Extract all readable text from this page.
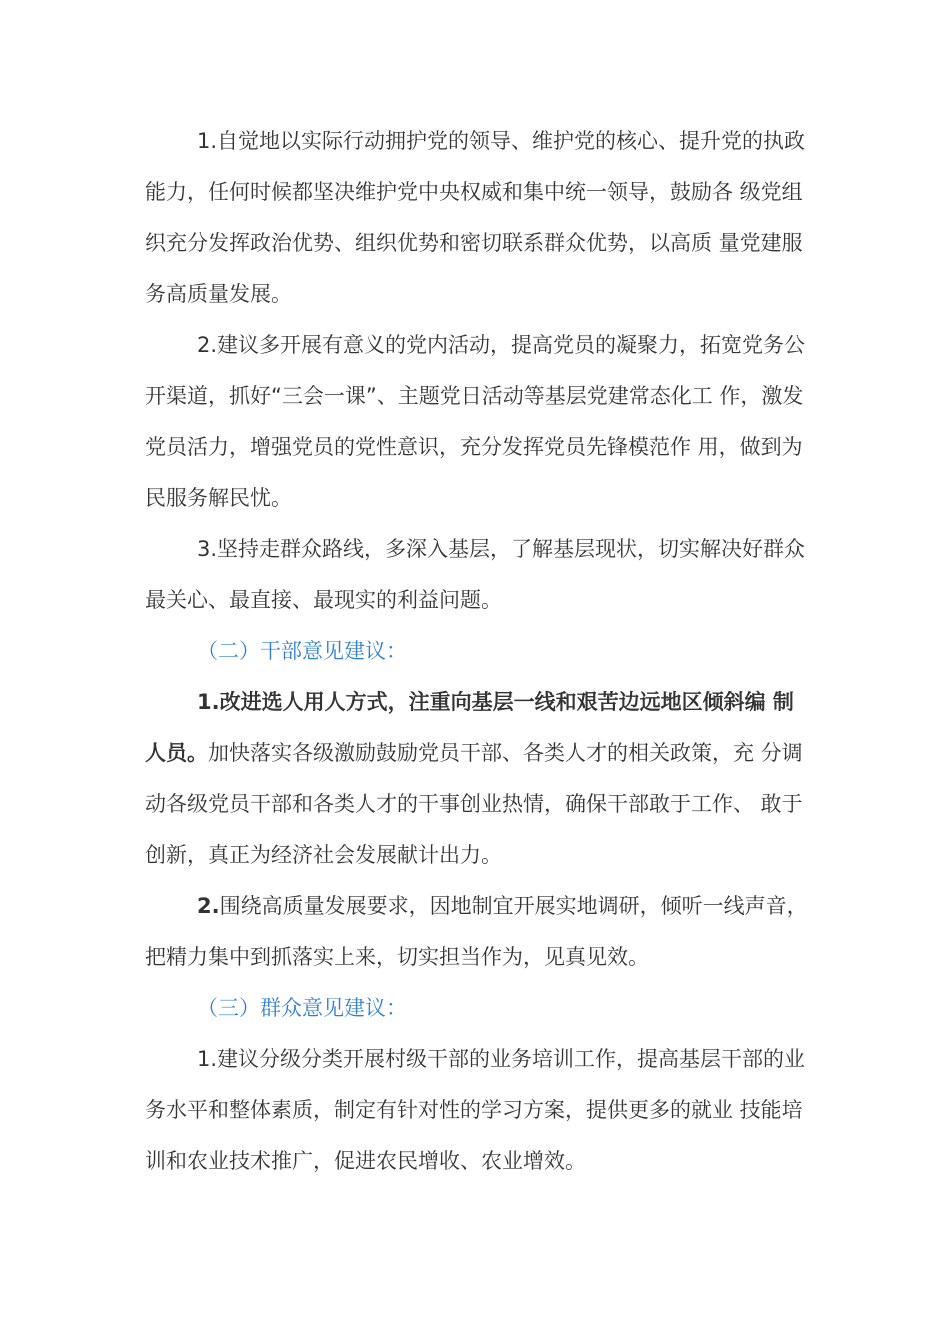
1.自觉地以实际行动拥护党的领导、维护党的核心、提升党的执政能力，任何时候都坚决维护党中央权威和集中统一领导，鼓励各 级党组织充分发挥政治优势、组织优势和密切联系群众优势，以高质 量党建服务高质量发展。

2.建议多开展有意义的党内活动，提高党员的凝聚力，拓宽党务公开渠道，抓好“三会一课”、主题党日活动等基层党建常态化工 作，激发党员活力，增强党员的党性意识，充分发挥党员先锋模范作 用，做到为民服务解民忧。

3.坚持走群众路线，多深入基层，了解基层现状，切实解决好群众最关心、最直接、最现实的利益问题。

（二）干部意见建议：

1.改进选人用人方式，注重向基层一线和艰苦边远地区倾斜编 制人员。加快落实各级激励鼓励党员干部、各类人才的相关政策，充 分调动各级党员干部和各类人才的干事创业热情，确保干部敢于工作、 敢于创新，真正为经济社会发展献计出力。

2.围绕高质量发展要求，因地制宜开展实地调研，倾听一线声音，把精力集中到抓落实上来，切实担当作为，见真见效。

（三）群众意见建议：

1.建议分级分类开展村级干部的业务培训工作，提高基层干部的业务水平和整体素质，制定有针对性的学习方案，提供更多的就业 技能培训和农业技术推广，促进农民增收、农业增效。
